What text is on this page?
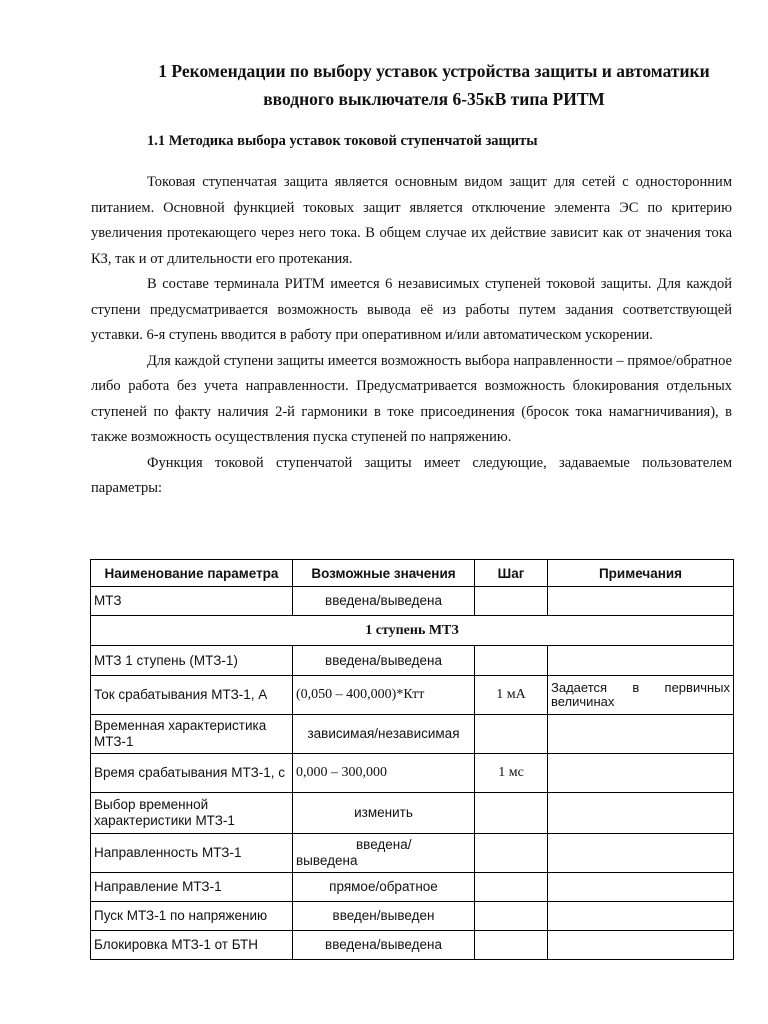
1 Рекомендации по выбору уставок устройства защиты и автоматики
вводного выключателя 6-35кВ типа РИТМ
1.1 Методика выбора уставок токовой ступенчатой защиты

Токовая ступенчатая защита является основным видом защит для сетей с односторонним питанием. Основной функцией токовых защит является отключение элемента ЭС по критерию увеличения протекающего через него тока. В общем случае их действие зависит как от значения тока КЗ, так и от длительности его протекания.

В составе терминала РИТМ имеется 6 независимых ступеней токовой защиты. Для каждой ступени предусматривается возможность вывода её из работы путем задания соответствующей уставки. 6-я ступень вводится в работу при оперативном и/или автоматическом ускорении.

Для каждой ступени защиты имеется возможность выбора направленности – прямое/обратное либо работа без учета направленности. Предусматривается возможность блокирования отдельных ступеней по факту наличия 2-й гармоники в токе присоединения (бросок тока намагничивания), в также возможность осуществления пуска ступеней по напряжению.

Функция токовой ступенчатой защиты имеет следующие, задаваемые пользователем параметры:

Наименование параметра	Возможные значения	Шаг	Примечания
МТЗ	введена/выведена		
1 ступень МТЗ			
МТЗ 1 ступень (МТЗ-1)	введена/выведена		
Ток срабатывания МТЗ-1, А	(0,050 – 400,000)*Ктт	1 мА	Задается в первичных величинах
Временная характеристика МТЗ-1	зависимая/независимая		
Время срабатывания МТЗ-1, с	0,000 – 300,000	1 мс	
Выбор временной характеристики МТЗ-1	изменить		
Направленность МТЗ-1	введена/
выведена		

Направление МТЗ-1	прямое/обратное		
Пуск МТЗ-1 по напряжению	введен/выведен		
Блокировка МТЗ-1 от БТН	введена/выведена		
